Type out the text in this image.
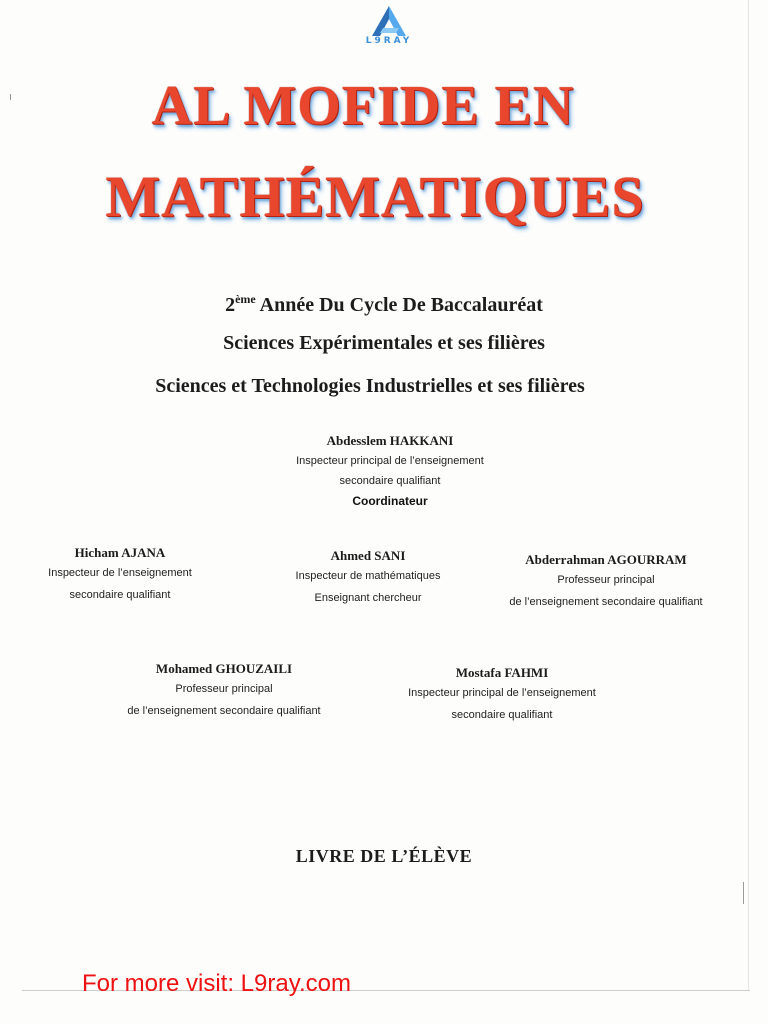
L9RAY
AL MOFIDE EN
MATHÉMATIQUES
2ème Année Du Cycle De Baccalauréat
Sciences Expérimentales et ses filières
Sciences et Technologies Industrielles et ses filières
Abdesslem HAKKANI
Inspecteur principal de l’enseignement
secondaire qualifiant
Coordinateur
Hicham AJANA
Inspecteur de l’enseignement
secondaire qualifiant
Ahmed SANI
Inspecteur de mathématiques
Enseignant chercheur
Abderrahman AGOURRAM
Professeur principal
de l’enseignement secondaire qualifiant
Mohamed GHOUZAILI
Professeur principal
de l’enseignement secondaire qualifiant
Mostafa FAHMI
Inspecteur principal de l’enseignement
secondaire qualifiant
LIVRE DE L’ÉLÈVE
For more visit: L9ray.com
